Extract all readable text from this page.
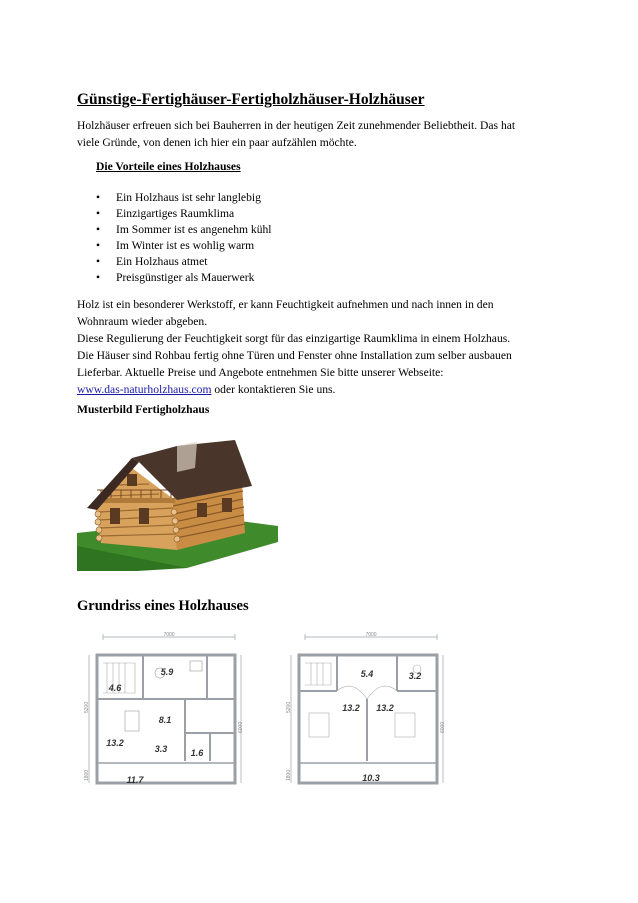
Günstige-Fertighäuser-Fertigholzhäuser-Holzhäuser

Holzhäuser erfreuen sich bei Bauherren in der heutigen Zeit zunehmender Beliebtheit. Das hat
viele Gründe, von denen ich hier ein paar aufzählen möchte.

Die Vorteile eines Holzhauses
• Ein Holzhaus ist sehr langlebig
• Einzigartiges Raumklima
• Im Sommer ist es angenehm kühl
• Im Winter ist es wohlig warm
• Ein Holzhaus atmet
• Preisgünstiger als Mauerwerk

Holz ist ein besonderer Werkstoff, er kann Feuchtigkeit aufnehmen und nach innen in den
Wohnraum wieder abgeben.
Diese Regulierung der Feuchtigkeit sorgt für das einzigartige Raumklima in einem Holzhaus.
Die Häuser sind Rohbau fertig ohne Türen und Fenster ohne Installation zum selber ausbauen
Lieferbar. Aktuelle Preise und Angebote entnehmen Sie bitte unserer Webseite:
www.das-naturholzhaus.com oder kontaktieren Sie uns.

Musterbild Fertigholzhaus
Grundriss eines Holzhauses
7000
5200
1800
6000
4.6
5.9
8.1
13.2
3.3	1.6
11.7
7000
5200
1800
6000
5.4	3.2
13.2 13.2
10.3
